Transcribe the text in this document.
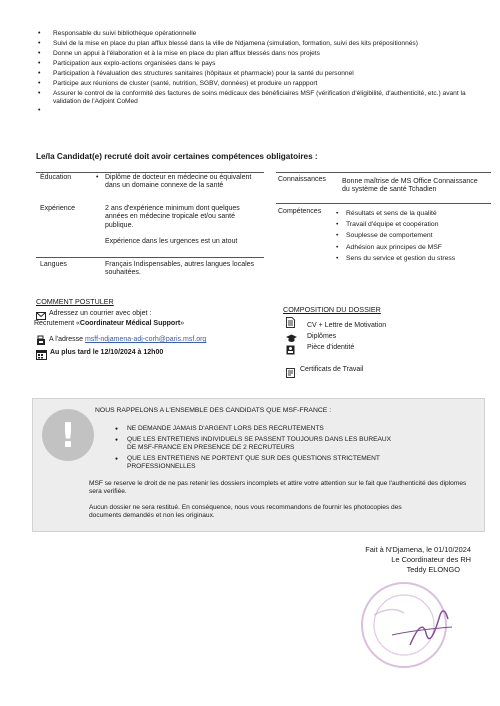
• Responsable du suivi bibliothèque opérationnelle
• Suivi de la mise en place du plan afflux blessé dans la ville de Ndjamena (simulation, formation, suivi des kits prépositionnés)
• Donne un appui à l'élaboration et à la mise en place du plan afflux blessés dans nos projets
• Participation aux explo-actions organisées dans le pays
• Participation à l'évaluation des structures sanitaires (hôpitaux et pharmacie) pour la santé du personnel
• Participe aux réunions de cluster (santé, nutrition, SGBV, données) et produire un rappport
• Assurer le control de la conformité des factures de soins médicaux des bénéficiaires MSF (vérification d'éligibilité, d'authenticité, etc.) avant la validation de l'Adjoint CoMed
Le/la Candidat(e) recruté doit avoir certaines compétences obligatoires :
Éducation	• Diplôme de docteur en médecine ou équivalent dans un domaine connexe de la santé
Expérience	2 ans d'expérience minimum dont quelques années en médecine tropicale et/ou santé publique.
Expérience dans les urgences est un atout
Langues	Français Indispensables, autres langues locales souhaitées.
Connaissances Bonne maîtrise de MS Office Connaissance du système de santé Tchadien
Compétences
•	Résultats et sens de la qualité
• Travail d'équipe et coopération
• Souplesse de comportement
• Adhésion aux principes de MSF
• Sens du service et gestion du stress
COMMENT POSTULER
Adressez un courrier avec objet :
Recrutement «Coordinateur Médical Support»
A l'adresse msff-ndjamena-adj-corh@paris.msf.org
Au plus tard le 12/10/2024 à 12h00
COMPOSITION DU DOSSIER
CV + Lettre de Motivation
Diplômes
Pièce d'identité
Certificats de Travail
!
NOUS RAPPELONS A L'ENSEMBLE DES CANDIDATS QUE MSF-FRANCE :
● NE DEMANDE JAMAIS D'ARGENT LORS DES RECRUTEMENTS
● QUE LES ENTRETIENS INDIVIDUELS SE PASSENT TOUJOURS DANS LES BUREAUX DE MSF-FRANCE EN PRESENCE DE 2 RECRUTEURS
● QUE LES ENTRETIENS NE PORTENT QUE SUR DES QUESTIONS STRICTEMENT PROFESSIONNELLES
MSF se reserve le droit de ne pas retenir les dossiers incomplets et attire votre attention sur le fait que l'authenticité des diplomes sera verifiée.
Aucun dossier ne sera restitué. En conséquence, nous vous recommandons de fournir les photocopies des documents demandés et non les originaux.
Fait à N'Djamena, le 01/10/2024
Le Coordinateur des RH
Teddy ELONGO
